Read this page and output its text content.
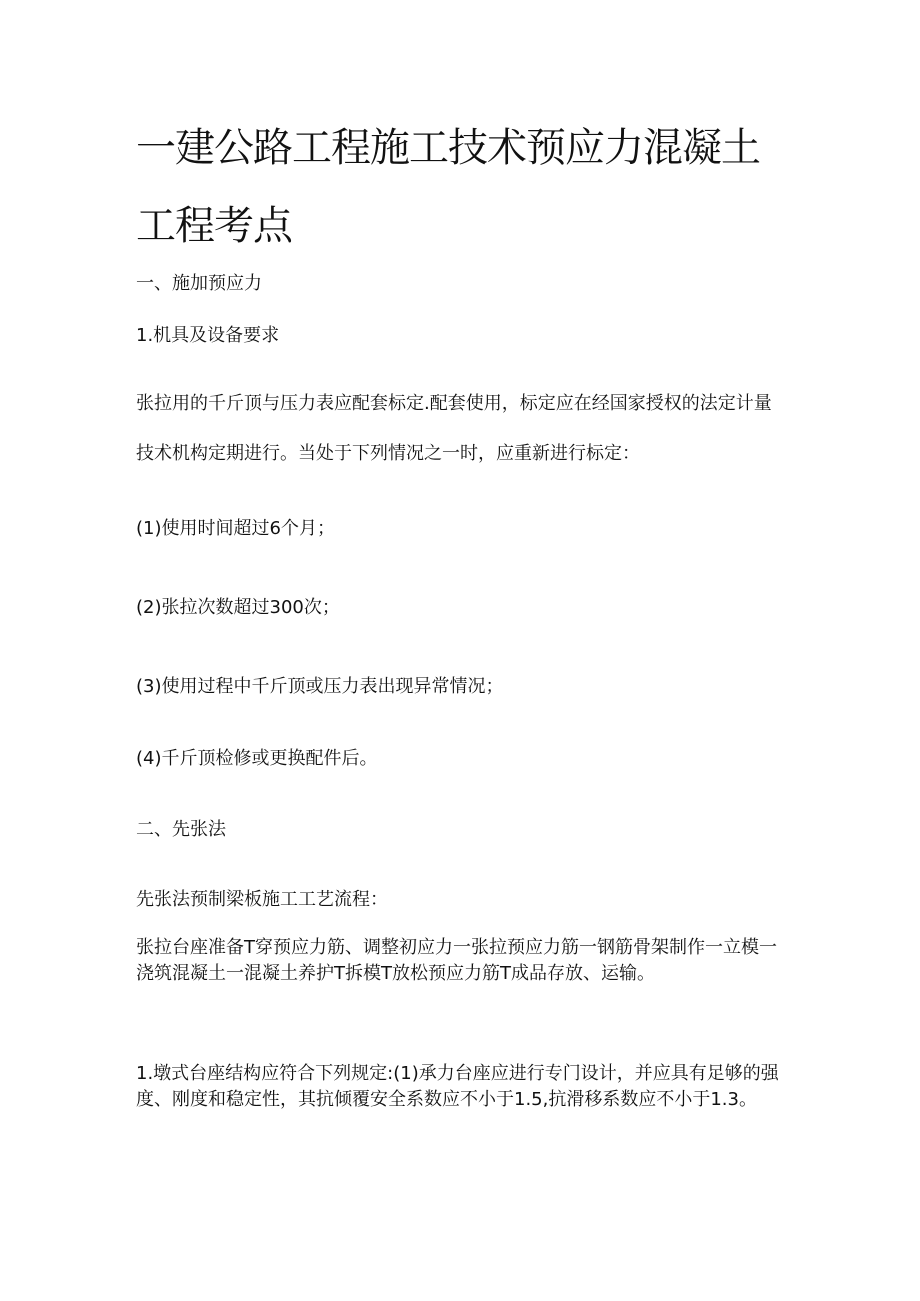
一建公路工程施工技术预应力混凝土工程考点

一、施加预应力

1.机具及设备要求

张拉用的千斤顶与压力表应配套标定.配套使用，标定应在经国家授权的法定计量技术机构定期进行。当处于下列情况之一时，应重新进行标定：

(1)使用时间超过6个月；

(2)张拉次数超过300次；

(3)使用过程中千斤顶或压力表出现异常情况；

(4)千斤顶检修或更换配件后。

二、先张法

先张法预制梁板施工工艺流程：

张拉台座准备T穿预应力筋、调整初应力一张拉预应力筋一钢筋骨架制作一立模一浇筑混凝土一混凝土养护T拆模T放松预应力筋T成品存放、运输。

1.墩式台座结构应符合下列规定:(1)承力台座应进行专门设计，并应具有足够的强度、刚度和稳定性，其抗倾覆安全系数应不小于1.5,抗滑移系数应不小于1.3。
